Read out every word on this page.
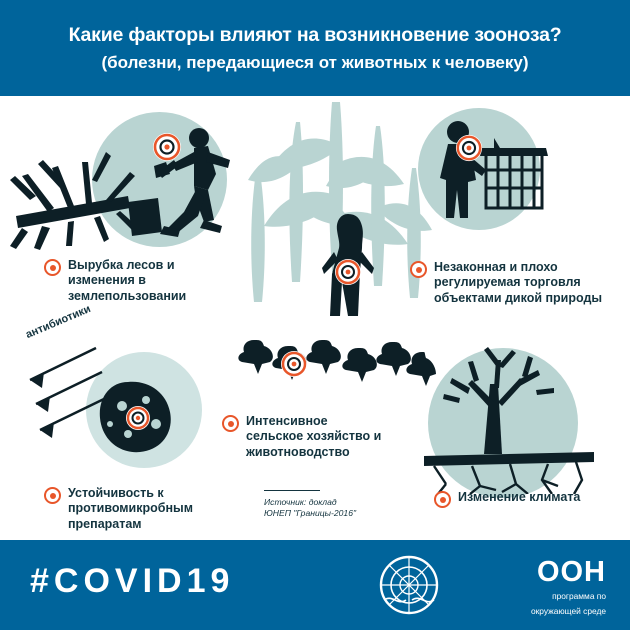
Какие факторы влияют на возникновение зооноза?
(болезни, передающиеся от животных к человеку)
антибиотики
Вырубка лесов и изменения в землепользовании
Незаконная и плохо регулируемая торговля объектами дикой природы
Интенсивное сельское хозяйство и животноводство
Устойчивость к противомикробным препаратам
Изменение климата
Источник: доклад
ЮНЕП "Границы-2016"
#COVID19	ООН
программа по
окружающей среде
